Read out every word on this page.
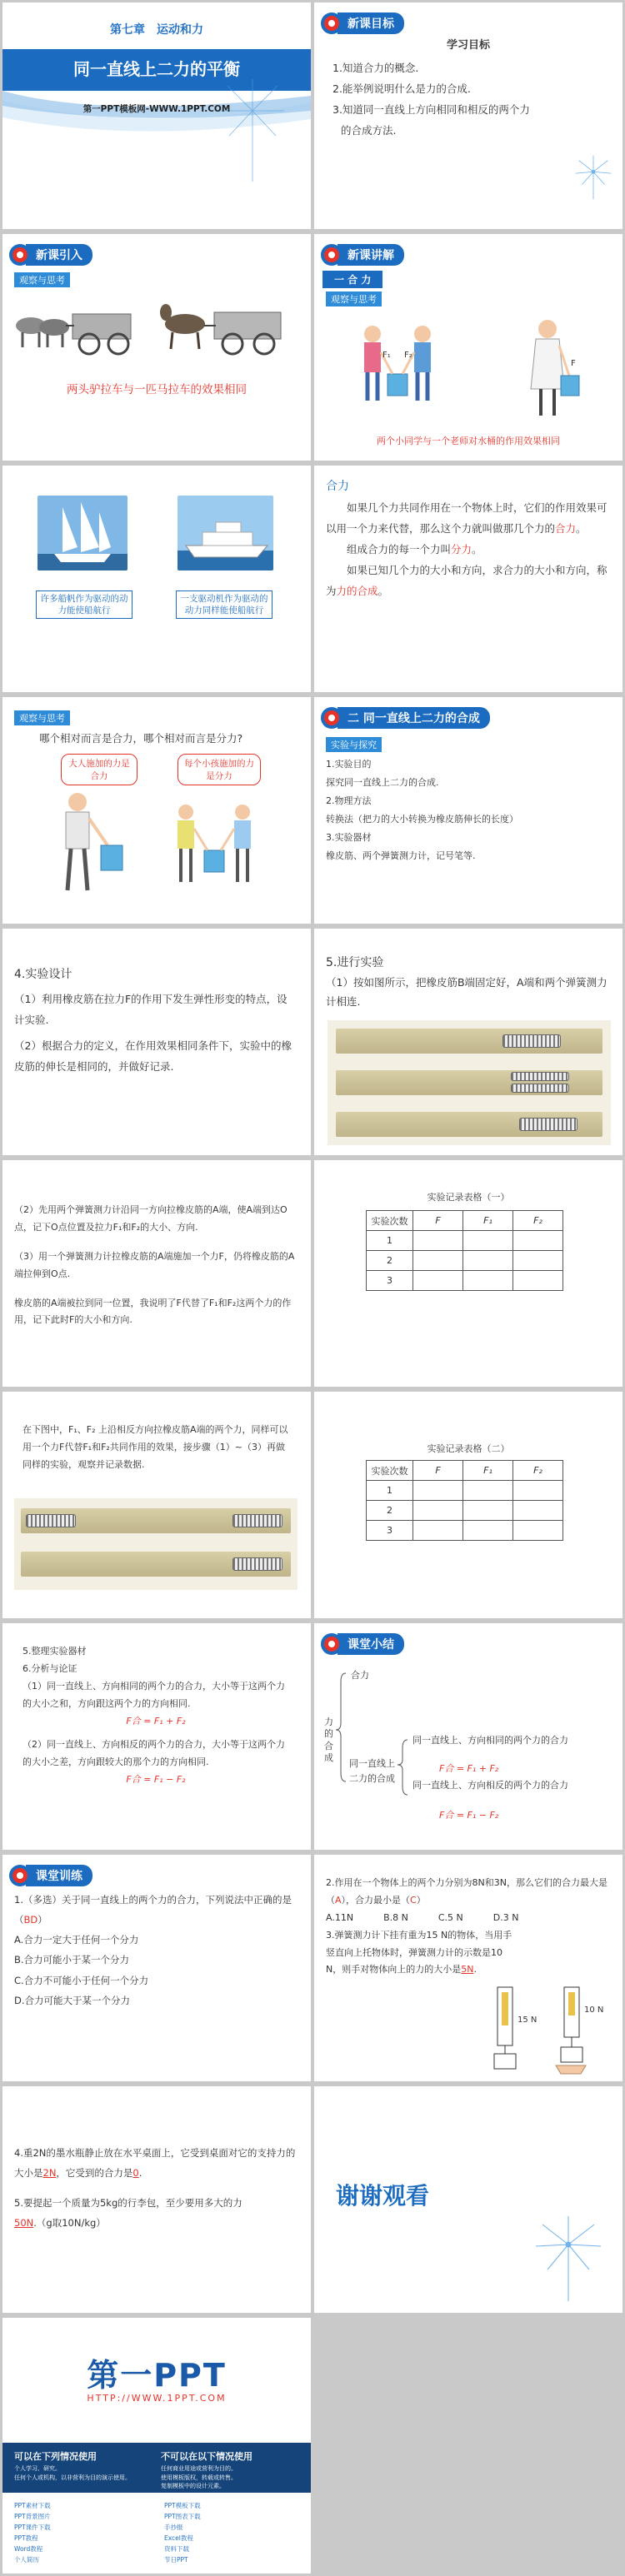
第七章　运动和力
同一直线上二力的平衡
第一PPT模板网-WWW.1PPT.COM
新课目标
学习目标
1.知道合力的概念.
2.能举例说明什么是力的合成.
3.知道同一直线上方向相同和相反的两个力
的合成方法.
新课引入
观察与思考
两头驴拉车与一匹马拉车的效果相同
新课讲解
一 合 力
观察与思考
F₁ F₂
F
两个小同学与一个老师对水桶的作用效果相同
许多船帆作为驱动的动力能使船航行
一支驱动机作为驱动的动力同样能使船航行
合力

如果几个力共同作用在一个物体上时，它们的作用效果可以用一个力来代替，那么这个力就叫做那几个力的合力。

组成合力的每一个力叫分力。

如果已知几个力的大小和方向，求合力的大小和方向，称为力的合成。

观察与思考
哪个相对而言是合力，哪个相对而言是分力?
大人施加的力是合力
每个小孩施加的力是分力
二 同一直线上二力的合成
实验与探究
1.实验目的
探究同一直线上二力的合成.
2.物理方法
转换法（把力的大小转换为橡皮筋伸长的长度）
3.实验器材
橡皮筋、两个弹簧测力计，记号笔等.
4.实验设计

（1）利用橡皮筋在拉力F的作用下发生弹性形变的特点，设计实验.

（2）根据合力的定义，在作用效果相同条件下，实验中的橡皮筋的伸长是相同的，并做好记录.

5.进行实验
（1）按如图所示，把橡皮筋B端固定好，A端和两个弹簧测力计相连.

（2）先用两个弹簧测力计沿同一方向拉橡皮筋的A端，使A端到达O点，记下O点位置及拉力F₁和F₂的大小、方向.

（3）用一个弹簧测力计拉橡皮筋的A端施加一个力F，仍将橡皮筋的A端拉伸到O点.

橡皮筋的A端被拉到同一位置，我说明了F代替了F₁和F₂这两个力的作用，记下此时F的大小和方向.

实验记录表格（一）
实验次数	F	F₁	F₂
1			
2			
3			
在下图中，F₁、F₂ 上沿相反方向拉橡皮筋A端的两个力，同样可以用一个力F代替F₁和F₂共同作用的效果，接步骤（1）~（3）再做同样的实验，观察并记录数据.
实验记录表格（二）
实验次数	F	F₁	F₂
1			
2			
3			
5.整理实验器材
6.分析与论证
（1）同一直线上、方向相同的两个力的合力，大小等于这两个力的大小之和，方向跟这两个力的方向相同.
F合 = F₁ + F₂
（2）同一直线上、方向相反的两个力的合力，大小等于这两个力的大小之差，方向跟较大的那个力的方向相同.
F合 = F₁ − F₂
课堂小结
力的合成
合力
同一直线上二力的合成
同一直线上、方向相同的两个力的合力
F合 = F₁ + F₂
同一直线上、方向相反的两个力的合力
F合 = F₁ − F₂
课堂训练

1.（多选）关于同一直线上的两个力的合力，下列说法中正确的是（BD）

A.合力一定大于任何一个分力

B.合力可能小于某一个分力

C.合力不可能小于任何一个分力

D.合力可能大于某一个分力

2.作用在一个物体上的两个力分别为8N和3N，那么它们的合力最大是（A），合力最小是（C）

A.11N	B.8 N	C.5 N	D.3 N

3.弹簧测力计下挂有重为15 N的物体，当用手竖直向上托物体时，弹簧测力计的示数是10 N，则手对物体向上的力的大小是5N.

15 N
10 N

4.重2N的墨水瓶静止放在水平桌面上，它受到桌面对它的支持力的大小是2N，它受到的合力是0.

5.要提起一个质量为5kg的行李包，至少要用多大的力
50N.（g取10N/kg）

谢谢观看
第一PPT
HTTP://WWW.1PPT.COM
可以在下列情况使用
个人学习、研究。
任何个人或机构，以非营利为目的演示使用。
不可以在以下情况使用
任何商业用途或营利为目的。
使用模板版权，转载或转售。
复制模板中的设计元素。
PPT素材下载	PPT模板下载
PPT背景图片	PPT图表下载
PPT课件下载	手抄报
PPT教程	Excel教程
Word教程	资料下载
个人简历	节日PPT
